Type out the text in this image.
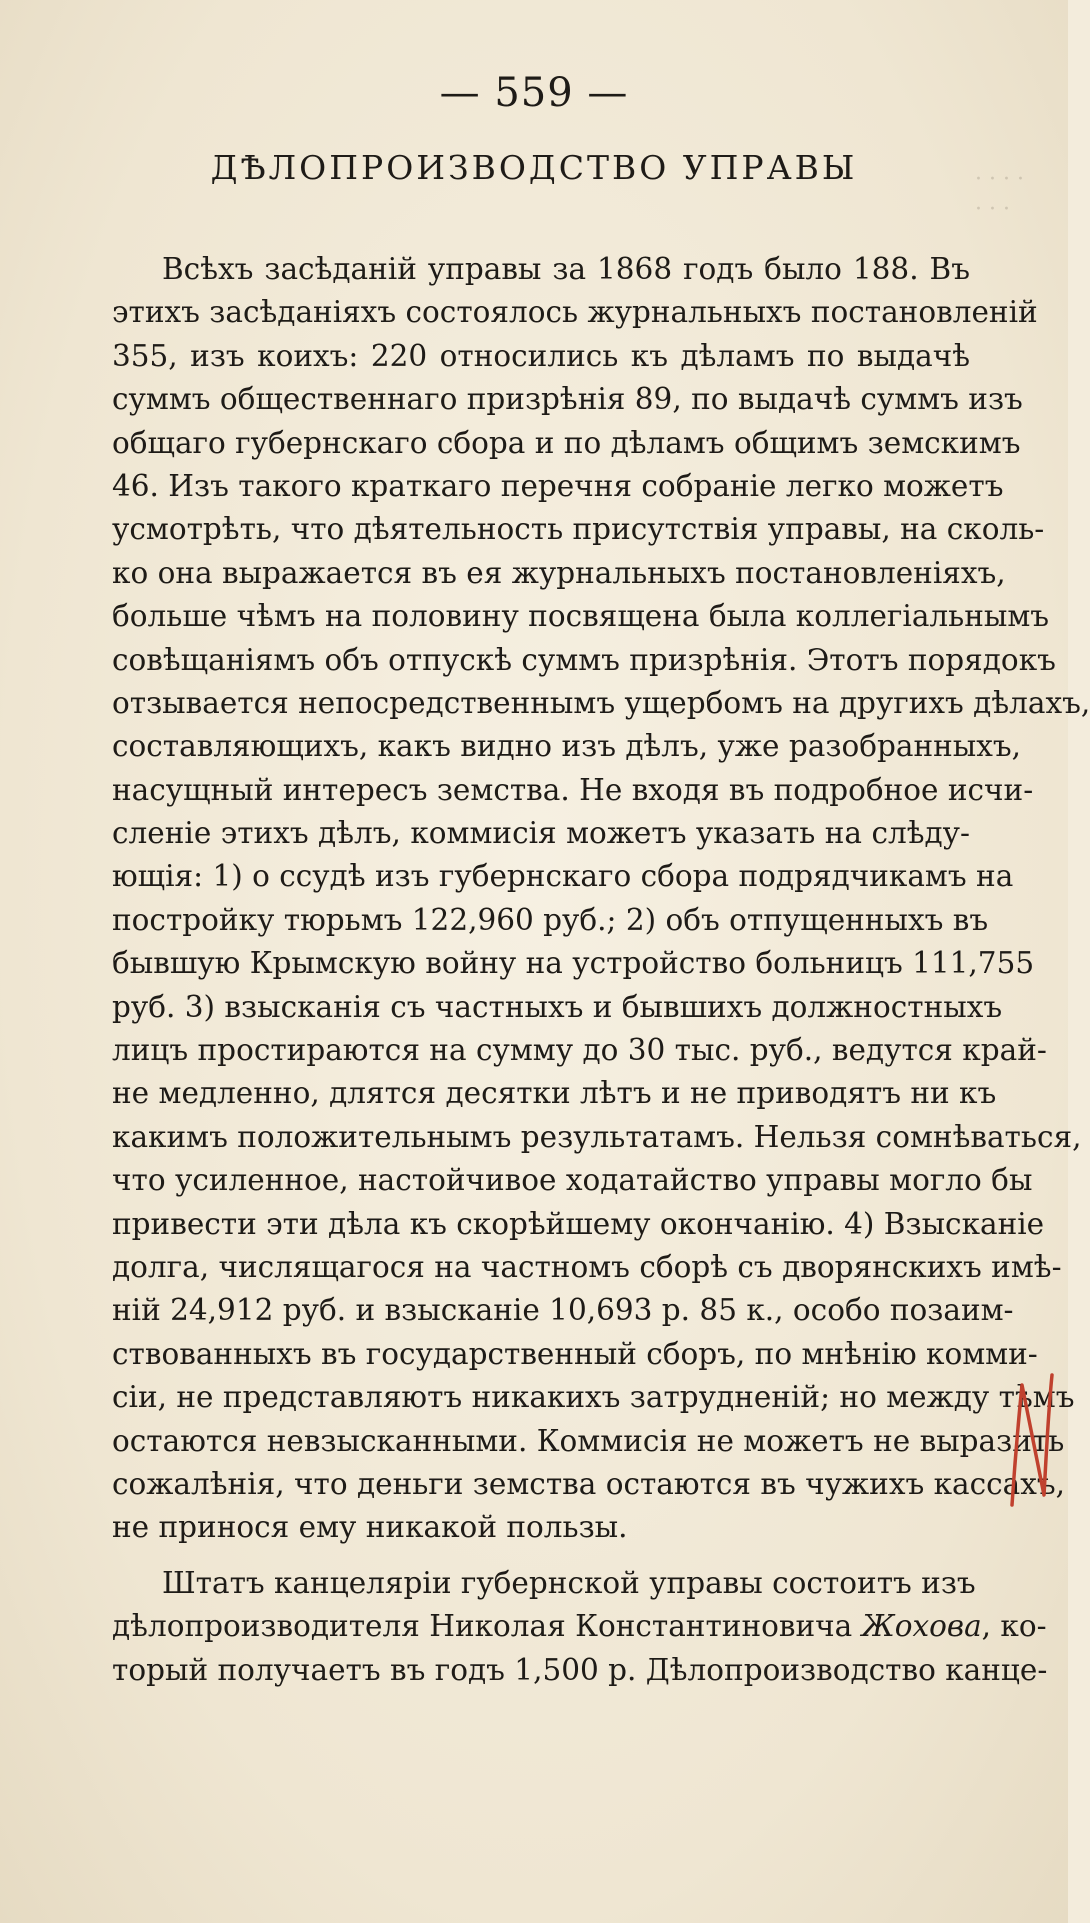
· · · ·
· · ·
— 559 —
ДѢЛОПРОИЗВОДСТВО УПРАВЫ
Всѣхъ засѣданій управы за 1868 годъ было 188. Въ
этихъ засѣданіяхъ состоялось журнальныхъ постановленій
355, изъ коихъ: 220 относились къ дѣламъ по выдачѣ
суммъ общественнаго призрѣнія 89, по выдачѣ суммъ изъ
общаго губернскаго сбора и по дѣламъ общимъ земскимъ
46. Изъ такого краткаго перечня собраніе легко можетъ
усмотрѣть, что дѣятельность присутствія управы, на сколь-
ко она выражается въ ея журнальныхъ постановленіяхъ,
больше чѣмъ на половину посвящена была коллегіальнымъ
совѣщаніямъ объ отпускѣ суммъ призрѣнія. Этотъ порядокъ
отзывается непосредственнымъ ущербомъ на другихъ дѣлахъ,
составляющихъ, какъ видно изъ дѣлъ, уже разобранныхъ,
насущный интересъ земства. Не входя въ подробное исчи-
сленіе этихъ дѣлъ, коммисія можетъ указать на слѣду-
ющія: 1) о ссудѣ изъ губернскаго сбора подрядчикамъ на
постройку тюрьмъ 122,960 руб.; 2) объ отпущенныхъ въ
бывшую Крымскую войну на устройство больницъ 111,755
руб. 3) взысканія съ частныхъ и бывшихъ должностныхъ
лицъ простираются на сумму до 30 тыс. руб., ведутся край-
не медленно, длятся десятки лѣтъ и не приводятъ ни къ
какимъ положительнымъ результатамъ. Нельзя сомнѣваться,
что усиленное, настойчивое ходатайство управы могло бы
привести эти дѣла къ скорѣйшему окончанію. 4) Взысканіе
долга, числящагося на частномъ сборѣ съ дворянскихъ имѣ-
ній 24,912 руб. и взысканіе 10,693 р. 85 к., особо позаим-
ствованныхъ въ государственный сборъ, по мнѣнію комми-
сіи, не представляютъ никакихъ затрудненій; но между тѣмъ
остаются невзысканными. Коммисія не можетъ не выразить
сожалѣнія, что деньги земства остаются въ чужихъ кассахъ,
не принося ему никакой пользы.
Штатъ канцеляріи губернской управы состоитъ изъ
дѣлопроизводителя Николая Константиновича Жохова, ко-
торый получаетъ въ годъ 1,500 р. Дѣлопроизводство канце-
